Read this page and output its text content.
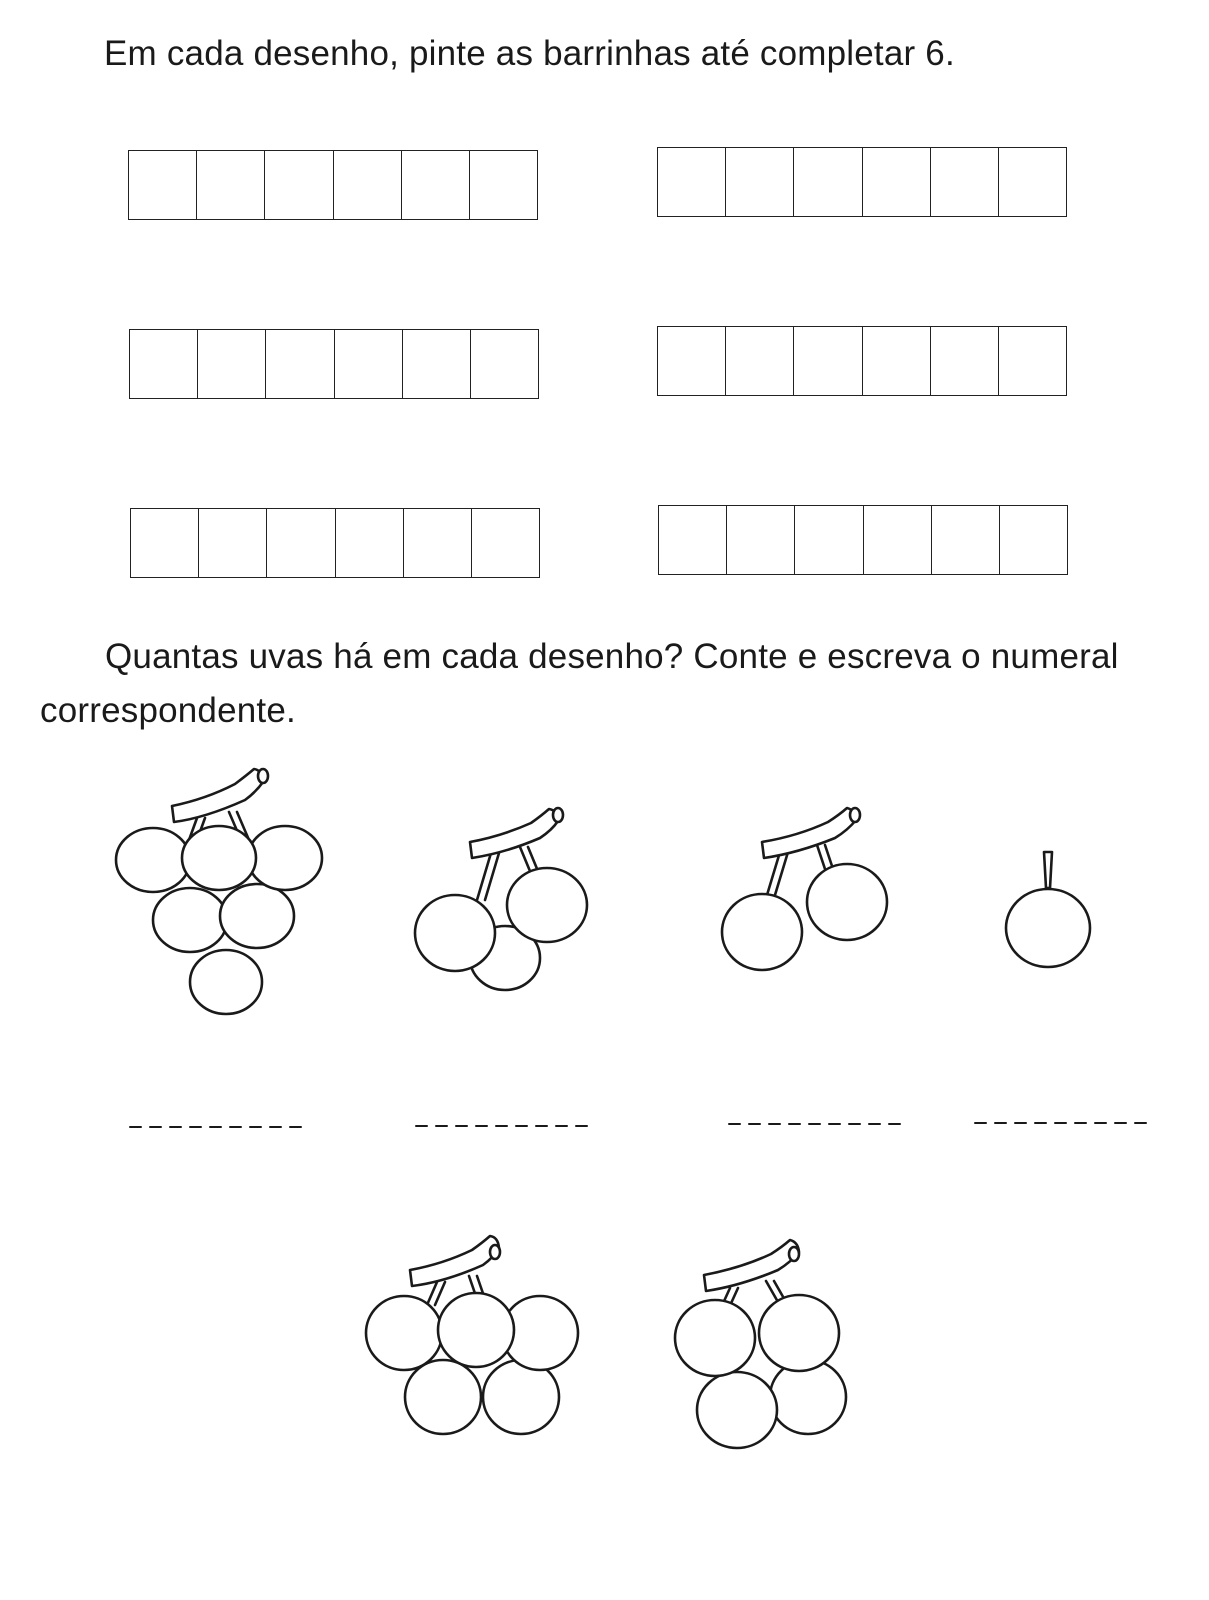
Em cada desenho, pinte as barrinhas até completar 6.

Quantas uvas há em cada desenho? Conte e escreva o numeral correspondente.
